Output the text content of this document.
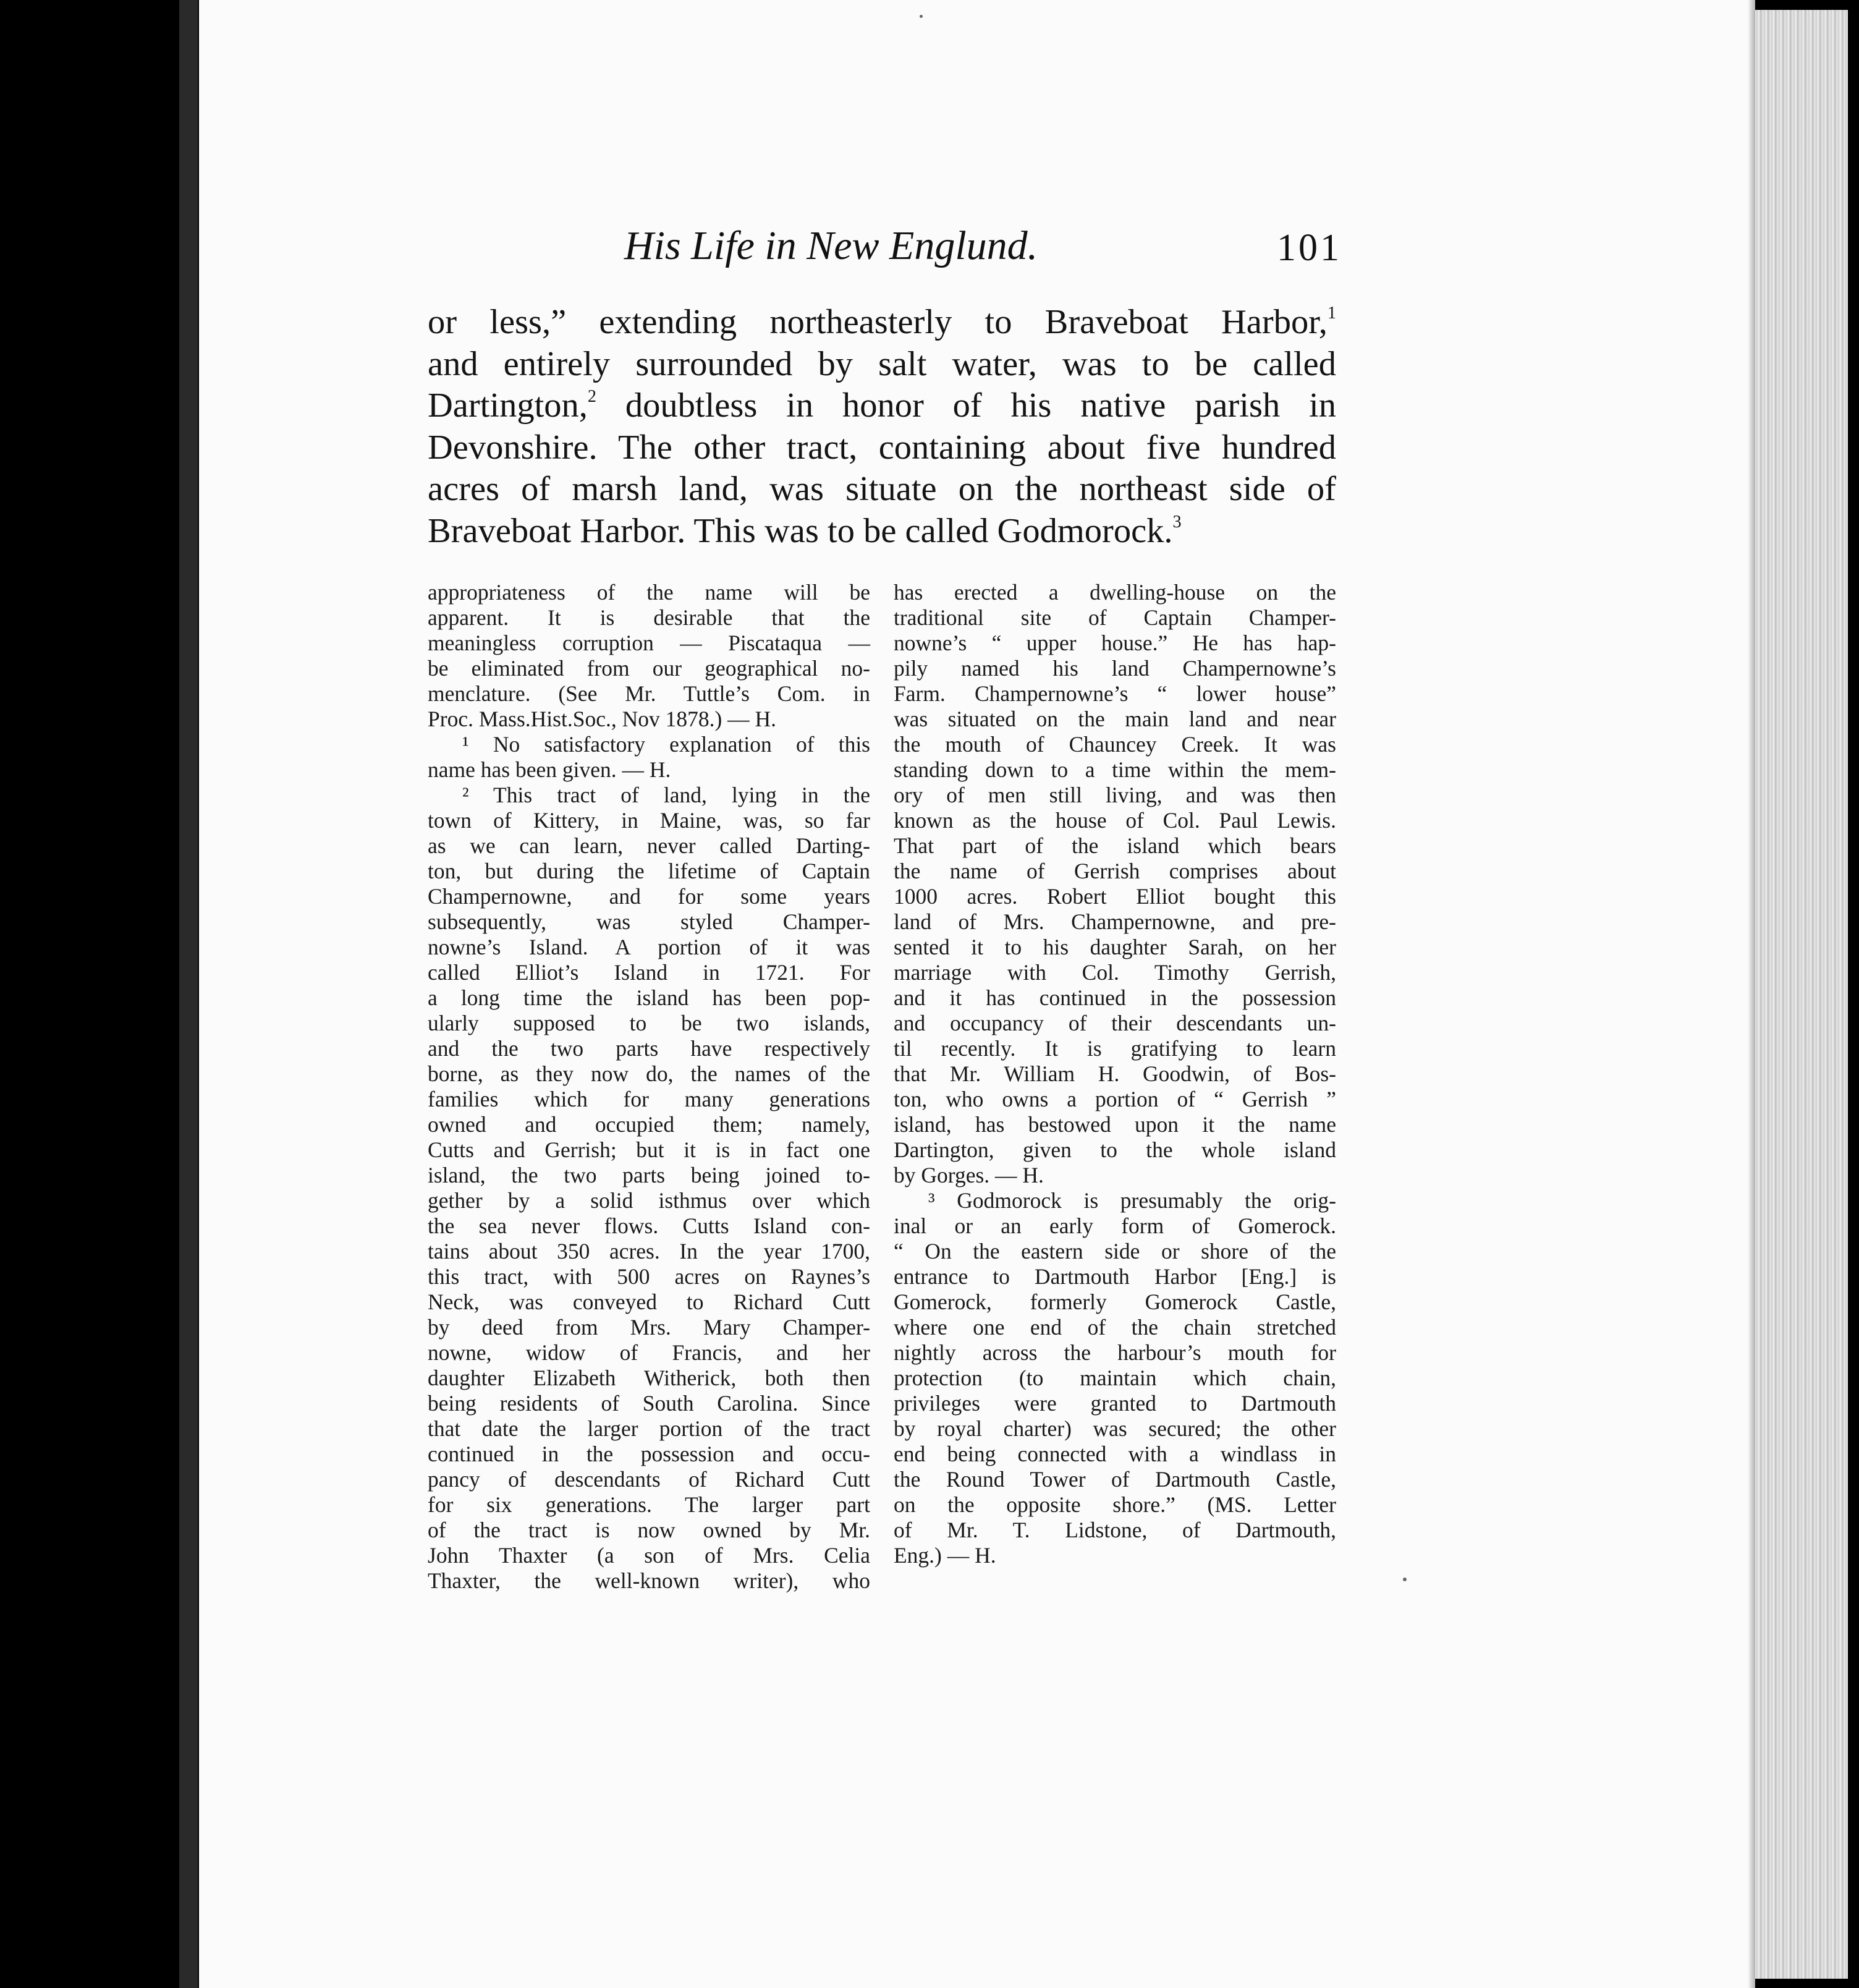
His Life in New Englund.	101
or less,” extending northeasterly to Braveboat Harbor,$^1$
and entirely surrounded by salt water, was to be called
Dartington,$^2$ doubtless in honor of his native parish in
Devonshire. The other tract, containing about five hundred
acres of marsh land, was situate on the northeast side of
Braveboat Harbor. This was to be called Godmorock.$^3$
appropriateness of the name will be
apparent. It is desirable that the
meaningless corruption — Piscataqua —
be eliminated from our geographical no-
menclature. (See Mr. Tuttle’s Com. in
Proc. Mass.Hist.Soc., Nov 1878.) — H.
¹ No satisfactory explanation of this
name has been given. — H.
² This tract of land, lying in the
town of Kittery, in Maine, was, so far
as we can learn, never called Darting-
ton, but during the lifetime of Captain
Champernowne, and for some years
subsequently, was styled Champer-
nowne’s Island. A portion of it was
called Elliot’s Island in 1721. For
a long time the island has been pop-
ularly supposed to be two islands,
and the two parts have respectively
borne, as they now do, the names of the
families which for many generations
owned and occupied them; namely,
Cutts and Gerrish; but it is in fact one
island, the two parts being joined to-
gether by a solid isthmus over which
the sea never flows. Cutts Island con-
tains about 350 acres. In the year 1700,
this tract, with 500 acres on Raynes’s
Neck, was conveyed to Richard Cutt
by deed from Mrs. Mary Champer-
nowne, widow of Francis, and her
daughter Elizabeth Witherick, both then
being residents of South Carolina. Since
that date the larger portion of the tract
continued in the possession and occu-
pancy of descendants of Richard Cutt
for six generations. The larger part
of the tract is now owned by Mr.
John Thaxter (a son of Mrs. Celia
Thaxter, the well-known writer), who
has erected a dwelling-house on the
traditional site of Captain Champer-
nowne’s “ upper house.” He has hap-
pily named his land Champernowne’s
Farm. Champernowne’s “ lower house”
was situated on the main land and near
the mouth of Chauncey Creek. It was
standing down to a time within the mem-
ory of men still living, and was then
known as the house of Col. Paul Lewis.
That part of the island which bears
the name of Gerrish comprises about
1000 acres. Robert Elliot bought this
land of Mrs. Champernowne, and pre-
sented it to his daughter Sarah, on her
marriage with Col. Timothy Gerrish,
and it has continued in the possession
and occupancy of their descendants un-
til recently. It is gratifying to learn
that Mr. William H. Goodwin, of Bos-
ton, who owns a portion of “ Gerrish ”
island, has bestowed upon it the name
Dartington, given to the whole island
by Gorges. — H.
³ Godmorock is presumably the orig-
inal or an early form of Gomerock.
“ On the eastern side or shore of the
entrance to Dartmouth Harbor [Eng.] is
Gomerock, formerly Gomerock Castle,
where one end of the chain stretched
nightly across the harbour’s mouth for
protection (to maintain which chain,
privileges were granted to Dartmouth
by royal charter) was secured; the other
end being connected with a windlass in
the Round Tower of Dartmouth Castle,
on the opposite shore.” (MS. Letter
of Mr. T. Lidstone, of Dartmouth,
Eng.) — H.
